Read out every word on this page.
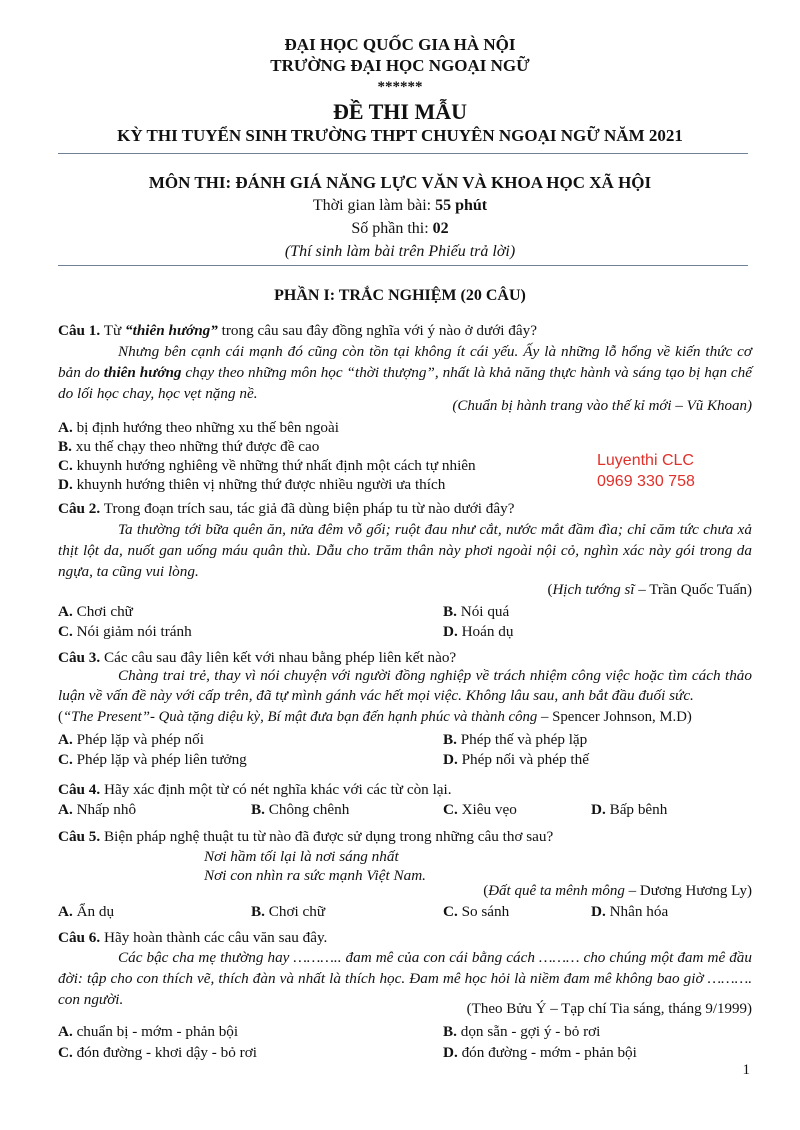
ĐẠI HỌC QUỐC GIA HÀ NỘI
TRƯỜNG ĐẠI HỌC NGOẠI NGỮ
******
ĐỀ THI MẪU
KỲ THI TUYỂN SINH TRƯỜNG THPT CHUYÊN NGOẠI NGỮ NĂM 2021
MÔN THI: ĐÁNH GIÁ NĂNG LỰC VĂN VÀ KHOA HỌC XÃ HỘI
Thời gian làm bài: 55 phút
Số phần thi: 02
(Thí sinh làm bài trên Phiếu trả lời)
PHẦN I: TRẮC NGHIỆM (20 CÂU)
Câu 1. Từ “thiên hướng” trong câu sau đây đồng nghĩa với ý nào ở dưới đây?
Nhưng bên cạnh cái mạnh đó cũng còn tồn tại không ít cái yếu. Ấy là những lỗ hổng về kiến thức cơ bản do thiên hướng chạy theo những môn học “thời thượng”, nhất là khả năng thực hành và sáng tạo bị hạn chế do lối học chay, học vẹt nặng nề.
(Chuẩn bị hành trang vào thế kỉ mới – Vũ Khoan)
A. bị định hướng theo những xu thế bên ngoài
B. xu thế chạy theo những thứ được đề cao
C. khuynh hướng nghiêng về những thứ nhất định một cách tự nhiên
D. khuynh hướng thiên vị những thứ được nhiều người ưa thích
Luyenthi CLC
0969 330 758
Câu 2. Trong đoạn trích sau, tác giả đã dùng biện pháp tu từ nào dưới đây?
Ta thường tới bữa quên ăn, nửa đêm vỗ gối; ruột đau như cắt, nước mắt đầm đìa; chỉ căm tức chưa xả thịt lột da, nuốt gan uống máu quân thù. Dẫu cho trăm thân này phơi ngoài nội cỏ, nghìn xác này gói trong da ngựa, ta cũng vui lòng.
(Hịch tướng sĩ – Trần Quốc Tuấn)
A. Chơi chữ	B. Nói quá
C. Nói giảm nói tránh	D. Hoán dụ
Câu 3. Các câu sau đây liên kết với nhau bằng phép liên kết nào?
Chàng trai trẻ, thay vì nói chuyện với người đồng nghiệp về trách nhiệm công việc hoặc tìm cách thảo luận về vấn đề này với cấp trên, đã tự mình gánh vác hết mọi việc. Không lâu sau, anh bắt đầu đuối sức.
(“The Present”- Quà tặng diệu kỳ, Bí mật đưa bạn đến hạnh phúc và thành công – Spencer Johnson, M.D)
A. Phép lặp và phép nối	B. Phép thế và phép lặp
C. Phép lặp và phép liên tưởng	D. Phép nối và phép thế
Câu 4. Hãy xác định một từ có nét nghĩa khác với các từ còn lại.
A. Nhấp nhô	B. Chông chênh	C. Xiêu vẹo	D. Bấp bênh
Câu 5. Biện pháp nghệ thuật tu từ nào đã được sử dụng trong những câu thơ sau?
Nơi hầm tối lại là nơi sáng nhất
Nơi con nhìn ra sức mạnh Việt Nam.
(Đất quê ta mênh mông – Dương Hương Ly)
A. Ẩn dụ	B. Chơi chữ	C. So sánh	D. Nhân hóa
Câu 6. Hãy hoàn thành các câu văn sau đây.
Các bậc cha mẹ thường hay ……….. đam mê của con cái bằng cách ……… cho chúng một đam mê đầu đời: tập cho con thích vẽ, thích đàn và nhất là thích học. Đam mê học hỏi là niềm đam mê không bao giờ ………. con người.
(Theo Bửu Ý – Tạp chí Tia sáng, tháng 9/1999)
A. chuẩn bị - mớm - phản bội	B. dọn sẵn - gợi ý - bỏ rơi
C. đón đường - khơi dậy - bỏ rơi	D. đón đường - mớm - phản bội
1
